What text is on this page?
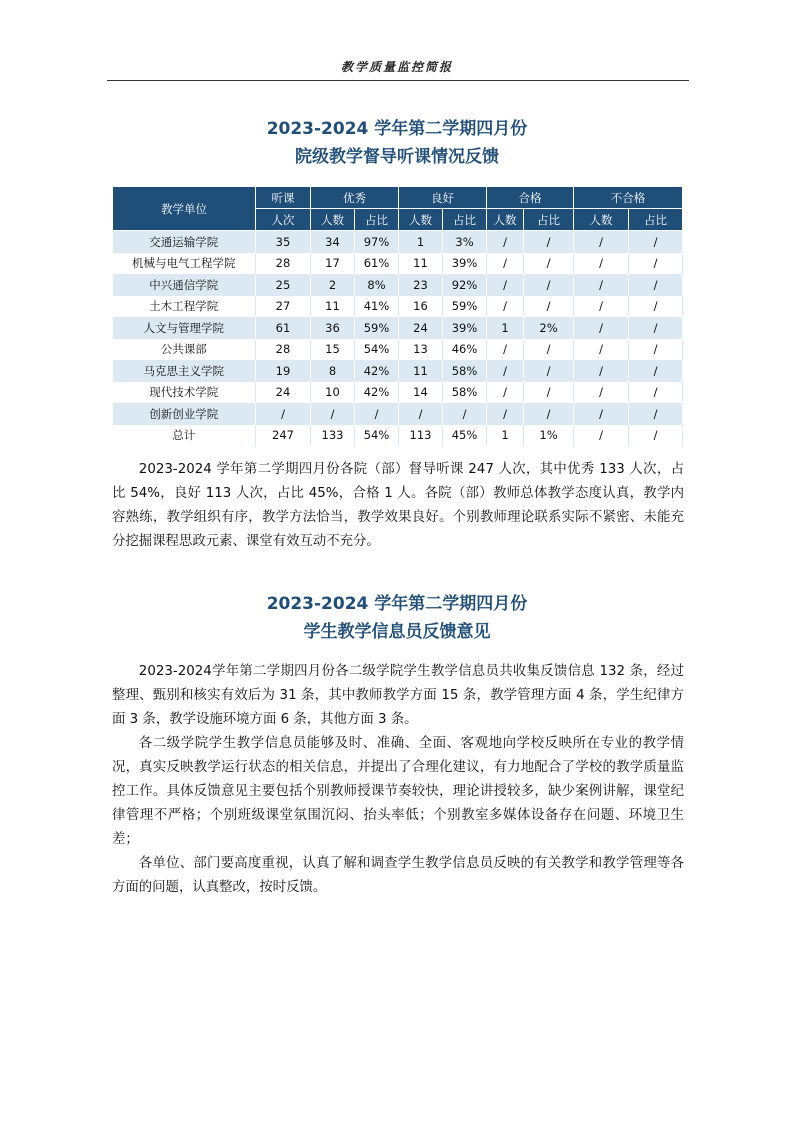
教学质量监控简报
2023-2024 学年第二学期四月份
院级教学督导听课情况反馈
教学单位	听课	优秀		良好		合格		不合格	
	人次	人数	占比	人数	占比	人数	占比	人数	占比
交通运输学院	35	34	97%	1	3%	/	/	/	/
机械与电气工程学院	28	17	61%	11	39%	/	/	/	/
中兴通信学院	25	2	8%	23	92%	/	/	/	/
土木工程学院	27	11	41%	16	59%	/	/	/	/
人文与管理学院	61	36	59%	24	39%	1	2%	/	/
公共课部	28	15	54%	13	46%	/	/	/	/
马克思主义学院	19	8	42%	11	58%	/	/	/	/
现代技术学院	24	10	42%	14	58%	/	/	/	/
创新创业学院	/	/	/	/	/	/	/	/	/
总计	247	133	54%	113	45%	1	1%	/	/

2023-2024 学年第二学期四月份各院（部）督导听课 247 人次，其中优秀 133 人次，占比 54%，良好 113 人次，占比 45%，合格 1 人。各院（部）教师总体教学态度认真，教学内容熟练，教学组织有序，教学方法恰当，教学效果良好。个别教师理论联系实际不紧密、未能充分挖掘课程思政元素、课堂有效互动不充分。

2023-2024 学年第二学期四月份
学生教学信息员反馈意见

2023-2024学年第二学期四月份各二级学院学生教学信息员共收集反馈信息 132 条，经过整理、甄别和核实有效后为 31 条，其中教师教学方面 15 条，教学管理方面 4 条，学生纪律方面 3 条，教学设施环境方面 6 条，其他方面 3 条。

各二级学院学生教学信息员能够及时、准确、全面、客观地向学校反映所在专业的教学情况，真实反映教学运行状态的相关信息，并提出了合理化建议，有力地配合了学校的教学质量监控工作。具体反馈意见主要包括个别教师授课节奏较快，理论讲授较多，缺少案例讲解，课堂纪律管理不严格；个别班级课堂氛围沉闷、抬头率低；个别教室多媒体设备存在问题、环境卫生差；

各单位、部门要高度重视，认真了解和调查学生教学信息员反映的有关教学和教学管理等各方面的问题，认真整改，按时反馈。
